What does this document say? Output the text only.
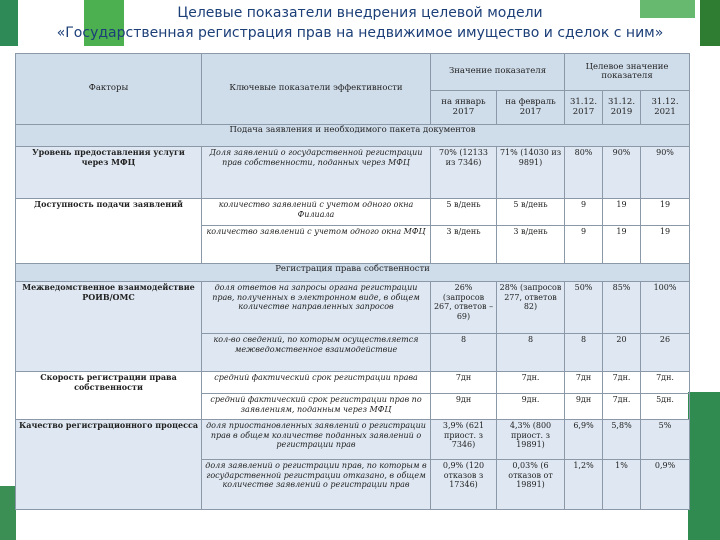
Целевые показатели внедрения целевой модели
«Государственная регистрация прав на недвижимое имущество и сделок с ним»
Факторы	Ключевые показатели эффективности	Значение показателя		Целевое значение показателя		
		на январь 2017	на февраль 2017	31.12. 2017	31.12. 2019	31.12. 2021
Подача заявления и необходимого пакета документов						
Уровень предоставления услуги через МФЦ	Доля заявлений о государственной регистрации прав собственности, поданных через МФЦ	70% (12133 из 7346)	71% (14030 из 9891)	80%	90%	90%
Доступность подачи заявлений	количество заявлений с учетом одного окна Филиала	5 в/день	5 в/день	9	19	19
	количество заявлений с учетом одного окна МФЦ	3 в/день	3 в/день	9	19	19
Регистрация права собственности						
Межведомственное взаимодействие РОИВ/ОМС	доля ответов на запросы органа регистрации прав, полученных в электронном виде, в общем количестве направленных запросов	26% (запросов 267, ответов – 69)	28% (запросов 277, ответов 82)	50%	85%	100%
	кол-во сведений, по которым осуществляется межведомственное взаимодействие	8	8	8	20	26
Скорость регистрации права собственности	средний фактический срок регистрации права	7дн	7дн.	7дн	7дн.	7дн.
	средний фактический срок регистрации прав по заявлениям, поданным через МФЦ	9дн	9дн.	9дн	7дн.	5дн.
Качество регистрационного процесса	доля приостановленных заявлений о регистрации прав в общем количестве поданных заявлений о регистрации прав	3,9% (621 приост. з 7346)	4,3% (800 приост. з 19891)	6,9%	5,8%	5%
	доля заявлений о регистрации прав, по которым в государственной регистрации отказано, в общем количестве заявлений о регистрации прав	0,9% (120 отказов з 17346)	0,03% (6 отказов от 19891)	1,2%	1%	0,9%
